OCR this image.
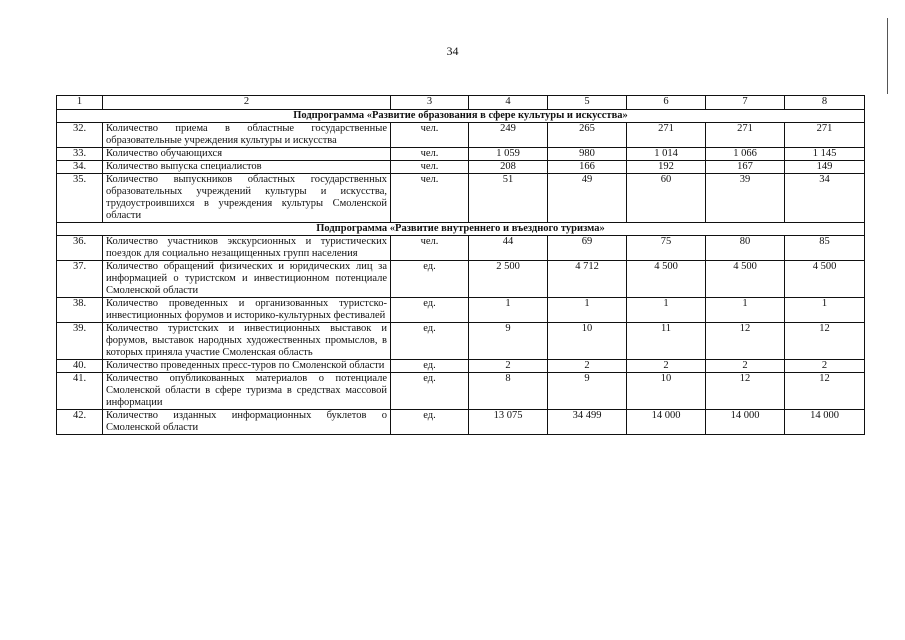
34
1	2	3	4	5	6	7	8
Подпрограмма «Развитие образования в сфере культуры и искусства»							
32.	Количество приема в областные государственные образовательные учреждения культуры и искусства	чел.	249	265	271	271	271
33.	Количество обучающихся	чел.	1 059	980	1 014	1 066	1 145
34.	Количество выпуска специалистов	чел.	208	166	192	167	149
35.	Количество выпускников областных государственных образовательных учреждений культуры и искусства, трудоустроившихся в учреждения культуры Смоленской области	чел.	51	49	60	39	34
Подпрограмма «Развитие внутреннего и въездного туризма»							
36.	Количество участников экскурсионных и туристических поездок для социально незащищенных групп населения	чел.	44	69	75	80	85
37.	Количество обращений физических и юридических лиц за информацией о туристском и инвестиционном потенциале Смоленской области	ед.	2 500	4 712	4 500	4 500	4 500
38.	Количество проведенных и организованных туристско-инвестиционных форумов и историко-культурных фестивалей	ед.	1	1	1	1	1
39.	Количество туристских и инвестиционных выставок и форумов, выставок народных художественных промыслов, в которых приняла участие Смоленская область	ед.	9	10	11	12	12
40.	Количество проведенных пресс-туров по Смоленской области	ед.	2	2	2	2	2
41.	Количество опубликованных материалов о потенциале Смоленской области в сфере туризма в средствах массовой информации	ед.	8	9	10	12	12
42.	Количество изданных информационных буклетов о Смоленской области	ед.	13 075	34 499	14 000	14 000	14 000
